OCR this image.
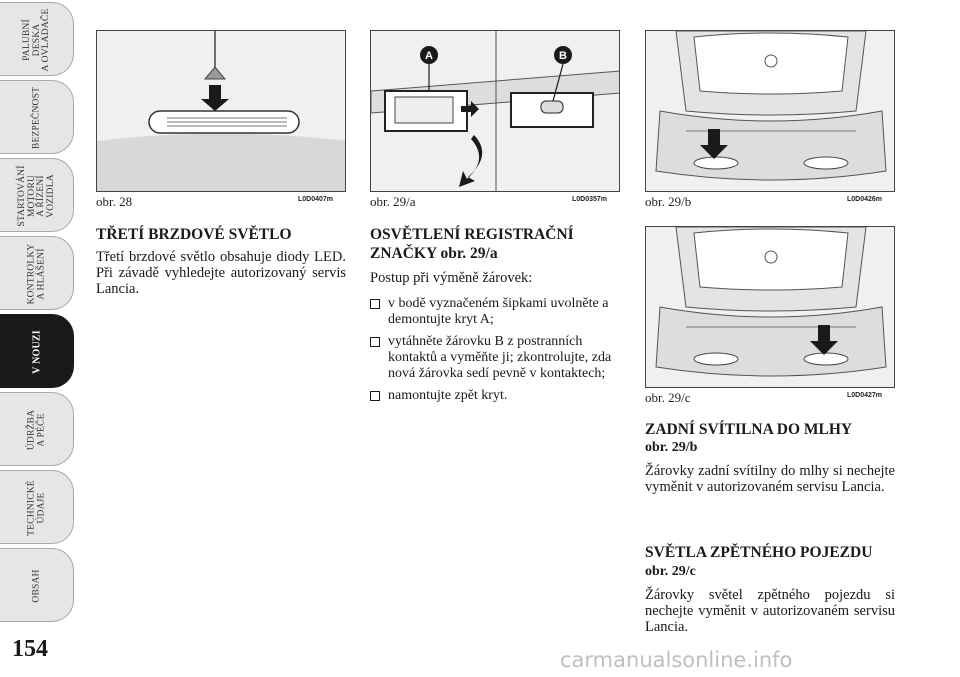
PALUBNÍ
DESKA
A OVLADAČE
BEZPEČNOST
STARTOVÁNÍ
MOTORU
A ŘÍZENÍ
VOZIDLA
KONTROLKY
A HLÁŠENÍ
V NOUZI
ÚDRŽBA
A PÉČE
TECHNICKÉ
ÚDAJE
OBSAH
154	carmanualsonline.info
obr. 28	L0D0407m
A	B
obr. 29/a	L0D0357m	obr. 29/b	L0D0426m
obr. 29/c	L0D0427m
TŘETÍ BRZDOVÉ SVĚTLO

Třetí brzdové světlo obsahuje diody LED. Při závadě vyhledejte autorizovaný servis Lancia.

OSVĚTLENÍ REGISTRAČNÍ ZNAČKY obr. 29/a

Postup při výměně žárovek:

v bodě vyznačeném šipkami uvolněte a demontujte kryt A;
vytáhněte žárovku B z postranních kontaktů a vyměňte ji; zkontrolujte, zda nová žárovka sedí pevně v kontaktech;
namontujte zpět kryt.
ZADNÍ SVÍTILNA DO MLHY
obr. 29/b

Žárovky zadní svítilny do mlhy si nechejte vyměnit v autorizovaném servisu Lancia.

SVĚTLA ZPĚTNÉHO POJEZDU
obr. 29/c

Žárovky světel zpětného pojezdu si nechejte vyměnit v autorizovaném servisu Lancia.
